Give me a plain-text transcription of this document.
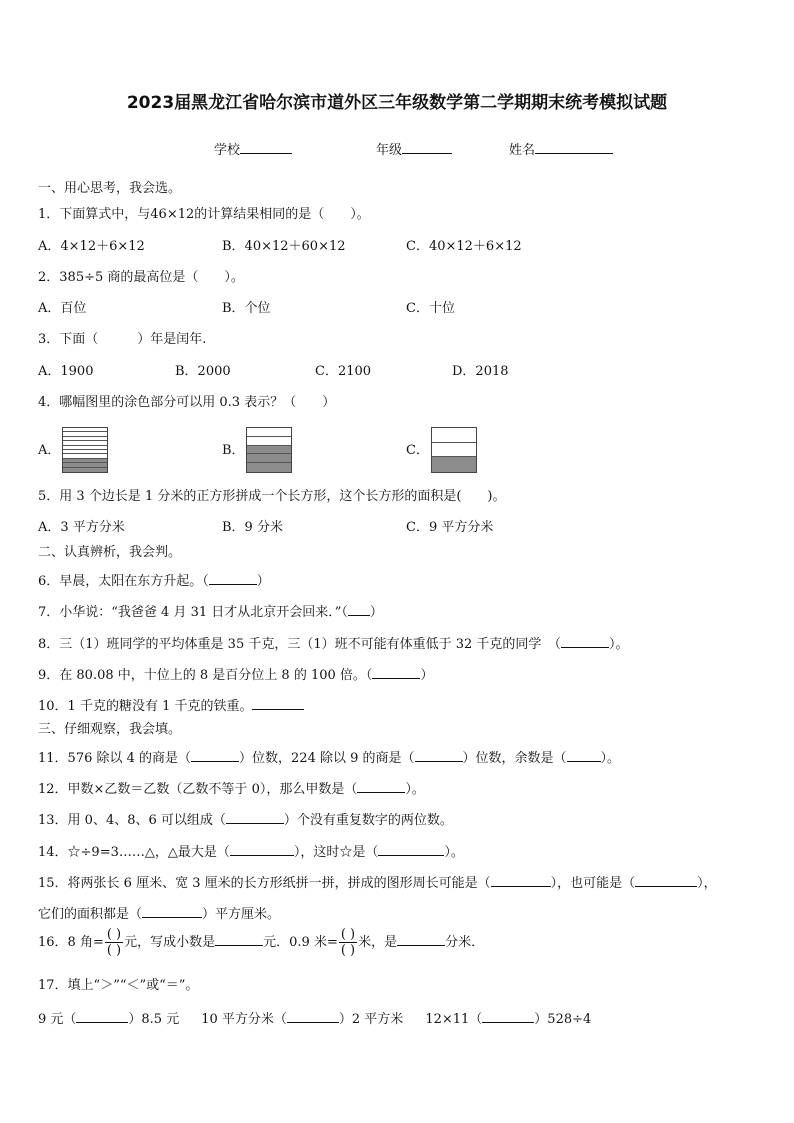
2023届黑龙江省哈尔滨市道外区三年级数学第二学期期末统考模拟试题
学校	年级	姓名
一、用心思考，我会选。
1．下面算式中，与46×12的计算结果相同的是（　　）。
A．4×12＋6×12	B．40×12＋60×12	C．40×12＋6×12
2．385÷5 商的最高位是（　　）。
A．百位	B．个位	C．十位
3．下面（　　　）年是闰年.
A．1900	B．2000	C．2100	D．2018
4．哪幅图里的涂色部分可以用 0.3 表示？（　　）
A．	B．	C．
5．用 3 个边长是 1 分米的正方形拼成一个长方形，这个长方形的面积是(　　)。
A．3 平方分米	B．9 分米	C．9 平方分米
二、认真辨析，我会判。
6．早晨，太阳在东方升起。（	）
7．小华说：“我爸爸 4 月 31 日才从北京开会回来．”（ ）
8．三（1）班同学的平均体重是 35 千克，三（1）班不可能有体重低于 32 千克的同学　（	）。
9．在 80.08 中，十位上的 8 是百分位上 8 的 100 倍。（	）
10．1 千克的糖没有 1 千克的铁重。
三、仔细观察，我会填。
11．576 除以 4 的商是（	）位数，224 除以 9 的商是（	）位数，余数是（	）。
12．甲数×乙数＝乙数（乙数不等于 0），那么甲数是（	）。
13．用 0、4、8、6 可以组成（	）个没有重复数字的两位数。
14．☆÷9=3……△，△最大是（	），这时☆是（	）。
15．将两张长 6 厘米、宽 3 厘米的长方形纸拼一拼，拼成的图形周长可能是（	），也可能是（	），
它们的面积都是（	）平方厘米。
16．8 角= $\frac{( )}{( )}$ 元，写成小数是	元．0.9 米= $\frac{( )}{( )}$ 米，是	分米．
17．填上“＞”“＜”或“＝”。
9 元（	）8.5 元 10 平方分米（	）2 平方米 12×11（	）528÷4
